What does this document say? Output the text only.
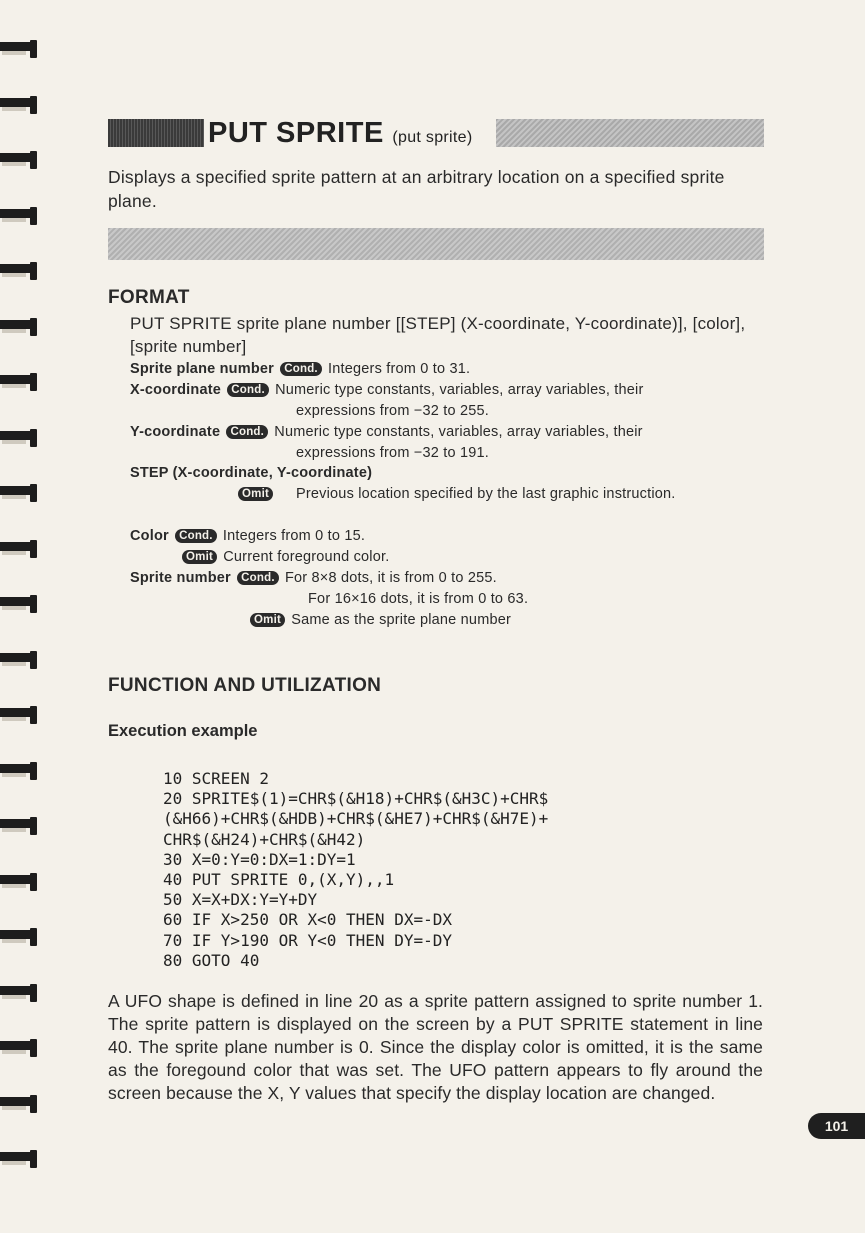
PUT SPRITE (put sprite)
Displays a specified sprite pattern at an arbitrary location on a specified sprite plane.
FORMAT
PUT SPRITE sprite plane number [[STEP] (X-coordinate, Y-coordinate)], [color], [sprite number]
Sprite plane number Cond. Integers from 0 to 31.
X-coordinate Cond. Numeric type constants, variables, array variables, their
expressions from −32 to 255.
Y-coordinate Cond. Numeric type constants, variables, array variables, their
expressions from −32 to 191.
STEP (X-coordinate, Y-coordinate)
Omit	Previous location specified by the last graphic instruction.
Color Cond. Integers from 0 to 15.
Omit Current foreground color.
Sprite number Cond. For 8×8 dots, it is from 0 to 255.
For 16×16 dots, it is from 0 to 63.
Omit Same as the sprite plane number
FUNCTION AND UTILIZATION
Execution example
10 SCREEN 2
20 SPRITE$(1)=CHR$(&H18)+CHR$(&H3C)+CHR$
(&H66)+CHR$(&HDB)+CHR$(&HE7)+CHR$(&H7E)+
CHR$(&H24)+CHR$(&H42)
30 X=0:Y=0:DX=1:DY=1
40 PUT SPRITE 0,(X,Y),,1
50 X=X+DX:Y=Y+DY
60 IF X>250 OR X<0 THEN DX=-DX
70 IF Y>190 OR Y<0 THEN DY=-DY
80 GOTO 40
A UFO shape is defined in line 20 as a sprite pattern assigned to sprite number 1. The sprite pattern is displayed on the screen by a PUT SPRITE statement in line 40. The sprite plane number is 0. Since the display color is omitted, it is the same as the foregound color that was set. The UFO pattern appears to fly around the screen because the X, Y values that specify the display location are changed.
101
